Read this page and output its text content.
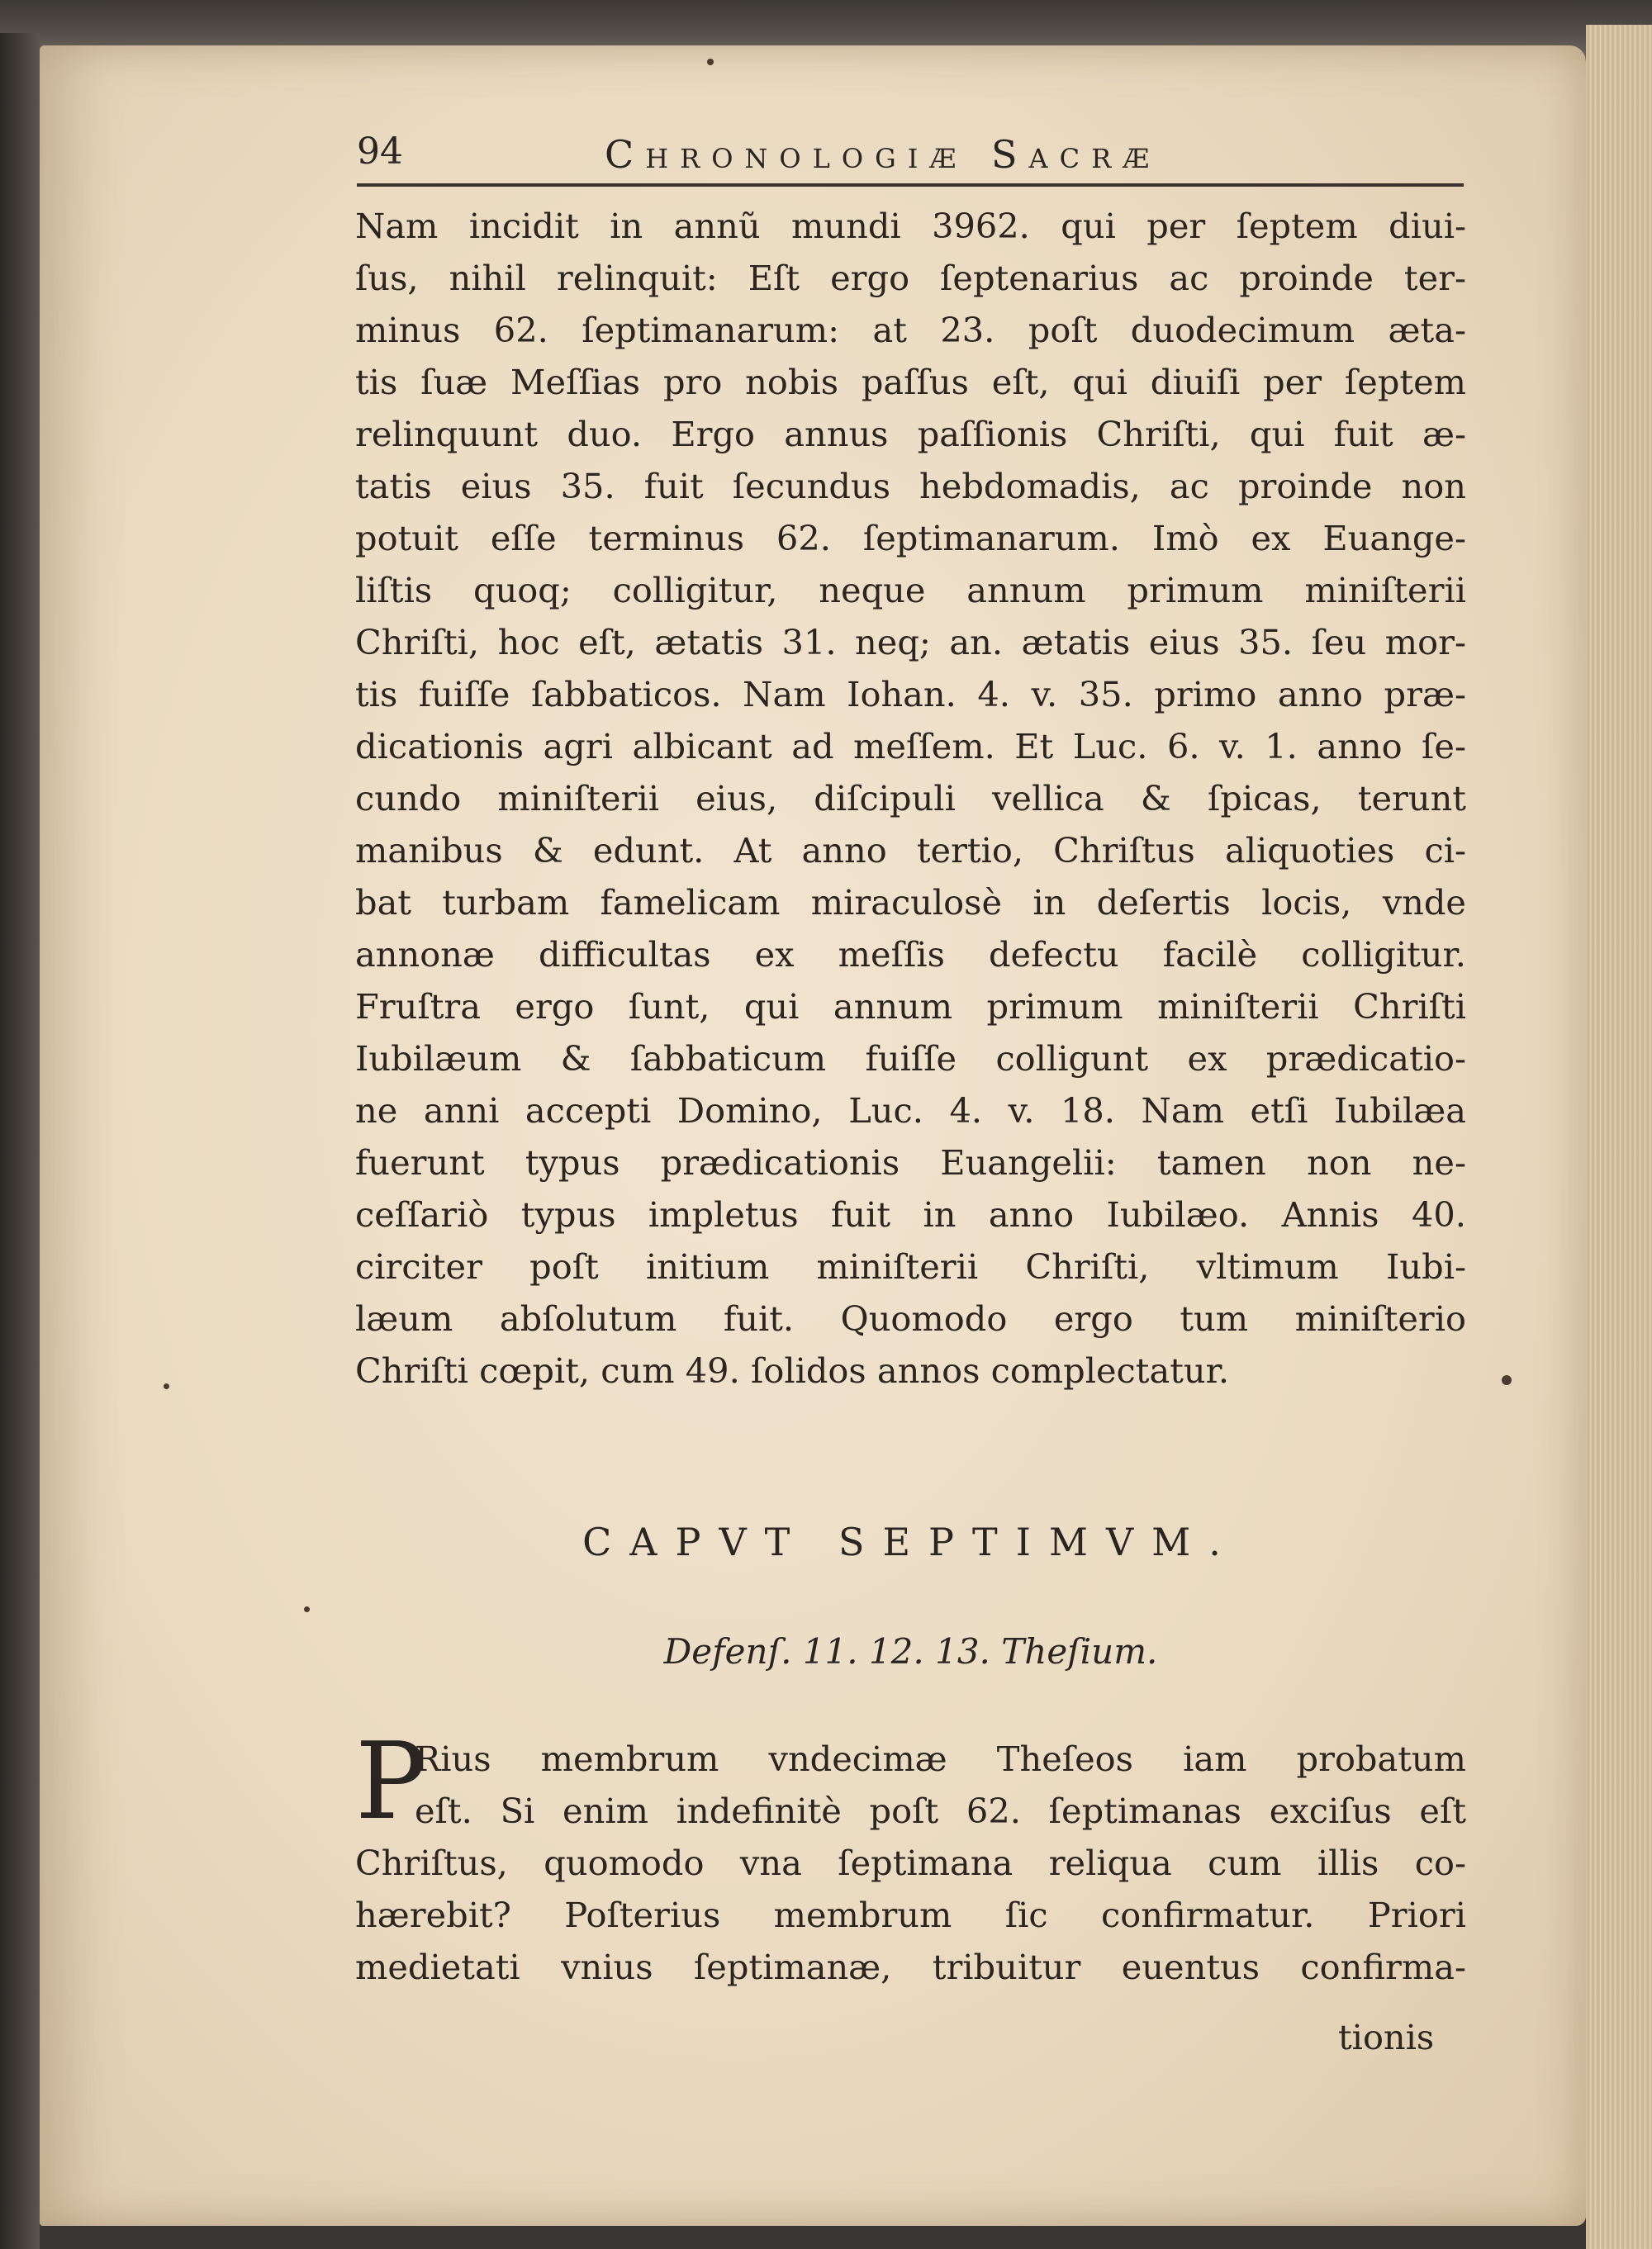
94	Chronologiæ Sacræ
Nam incidit in annũ mundi 3962. qui per ſeptem diui-
ſus, nihil relinquit: Eſt ergo ſeptenarius ac proinde ter-
minus 62. ſeptimanarum: at 23. poſt duodecimum ætа-
tis ſuæ Meſſias pro nobis paſſus eſt, qui diuiſi per ſeptem
relinquunt duo. Ergo annus paſſionis Chriſti, qui fuit æ-
tatis eius 35. fuit ſecundus hebdomadis, ac proinde non
potuit eſſe terminus 62. ſeptimanarum. Imò ex Euange-
liſtis quoq; colligitur, neque annum primum miniſterii
Chriſti, hoc eſt, ætatis 31. neq; an. ætatis eius 35. ſeu mor-
tis fuiſſe ſabbaticos. Nam Iohan. 4. v. 35. primo anno præ-
dicationis agri albicant ad meſſem. Et Luc. 6. v. 1. anno ſe-
cundo miniſterii eius, diſcipuli vellica & ſpicas, terunt
manibus & edunt. At anno tertio, Chriſtus aliquoties ci-
bat turbam famelicam miraculosè in deſertis locis, vnde
annonæ difficultas ex meſſis defectu facilè colligitur.
Fruſtra ergo ſunt, qui annum primum miniſterii Chriſti
Iubilæum & ſabbaticum fuiſſe colligunt ex prædicatio-
ne anni accepti Domino, Luc. 4. v. 18. Nam etſi Iubilæa
fuerunt typus prædicationis Euangelii: tamen non ne-
ceſſariò typus impletus fuit in anno Iubilæo. Annis 40.
circiter poſt initium miniſterii Chriſti, vltimum Iubi-
læum abſolutum fuit. Quomodo ergo tum miniſterio
Chriſti cœpit, cum 49. ſolidos annos complectatur.
CAPVT SEPTIMVM.
Defenſ. 11. 12. 13. Theſium.
P
Rius membrum vndecimæ Theſeos iam probatum
eſt. Si enim indefinitè poſt 62. ſeptimanas exciſus eſt
Chriſtus, quomodo vna ſeptimana reliqua cum illis co-
hærebit? Poſterius membrum ſic confirmatur. Priori
medietati vnius ſeptimanæ, tribuitur euentus confirma-
tionis
